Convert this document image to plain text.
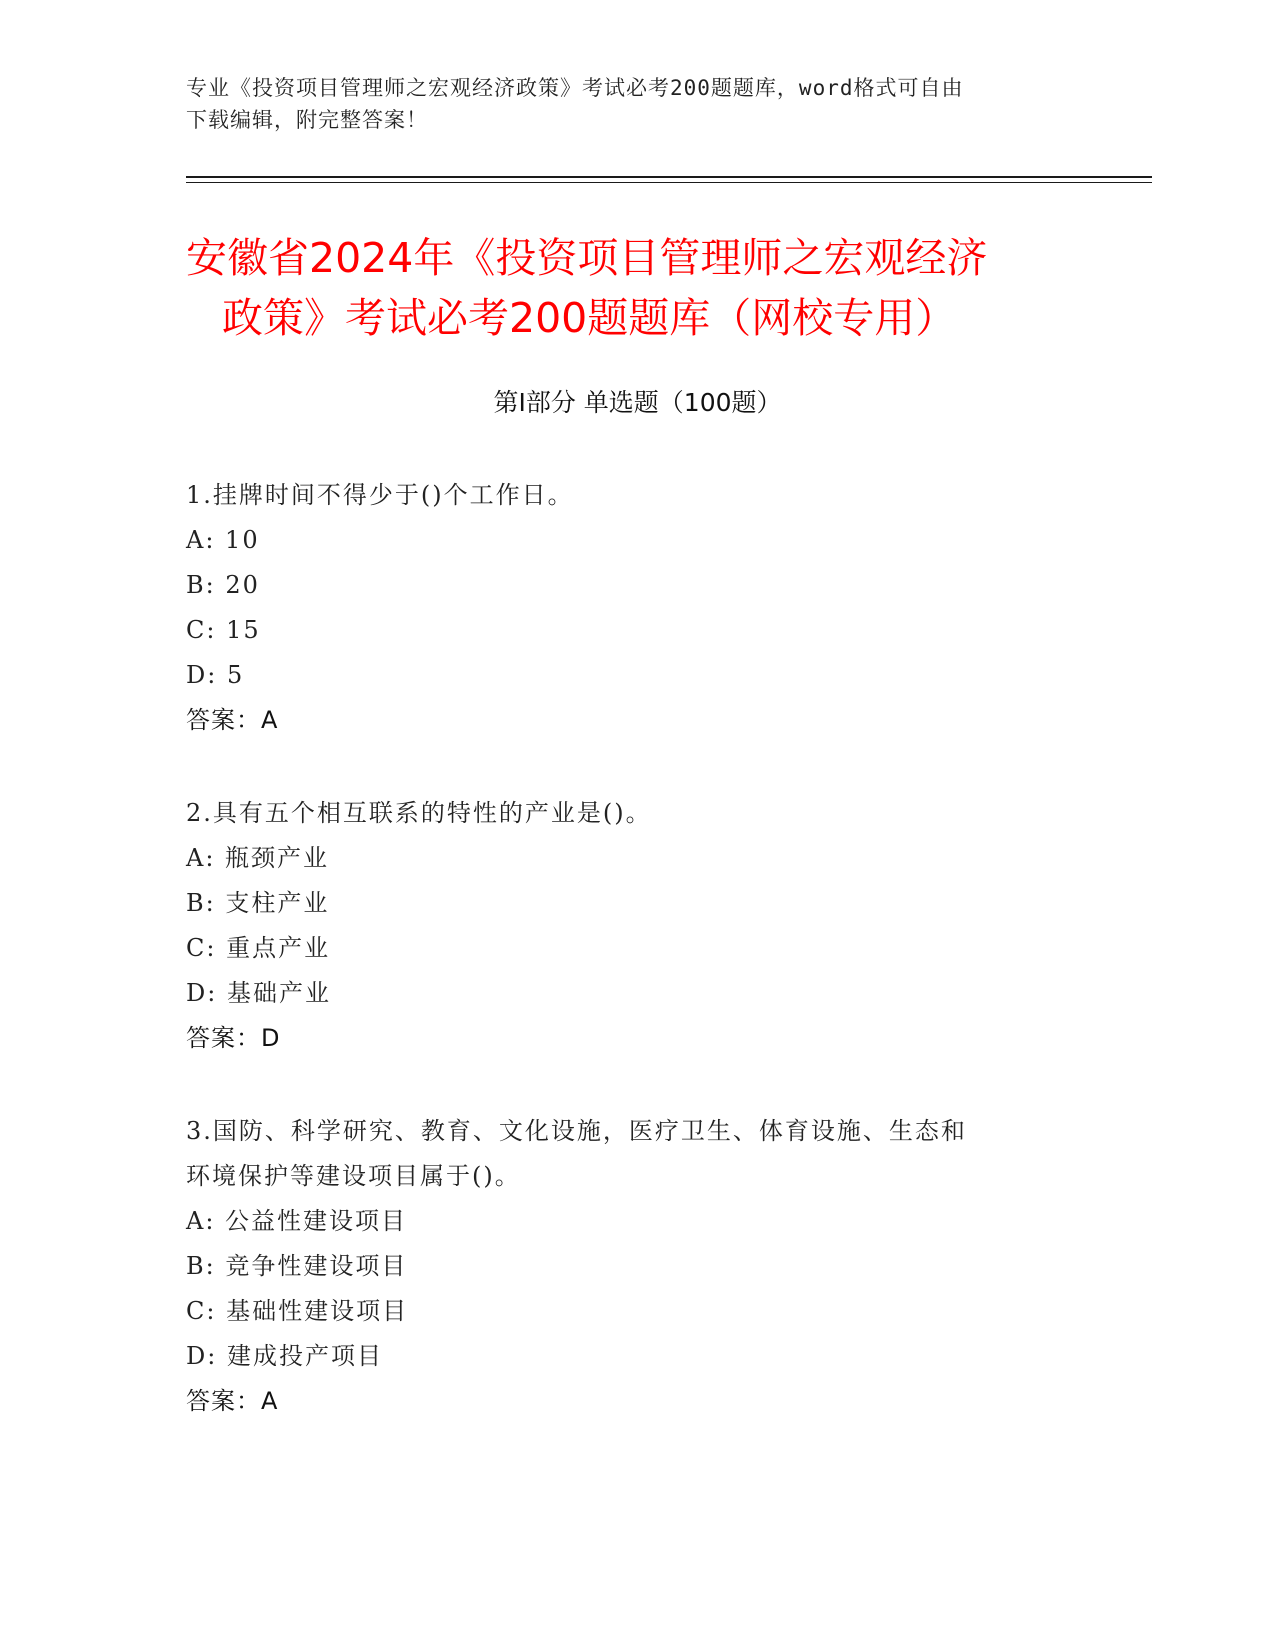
专业《投资项目管理师之宏观经济政策》考试必考200题题库，word格式可自由
下载编辑，附完整答案！
安徽省2024年《投资项目管理师之宏观经济
政策》考试必考200题题库（网校专用）
第Ⅰ部分 单选题（100题）
1.挂牌时间不得少于()个工作日。
A: 10
B: 20
C: 15
D: 5
答案：A
2.具有五个相互联系的特性的产业是()。
A: 瓶颈产业
B: 支柱产业
C: 重点产业
D: 基础产业
答案：D
3.国防、科学研究、教育、文化设施，医疗卫生、体育设施、生态和
环境保护等建设项目属于()。
A: 公益性建设项目
B: 竞争性建设项目
C: 基础性建设项目
D: 建成投产项目
答案：A
